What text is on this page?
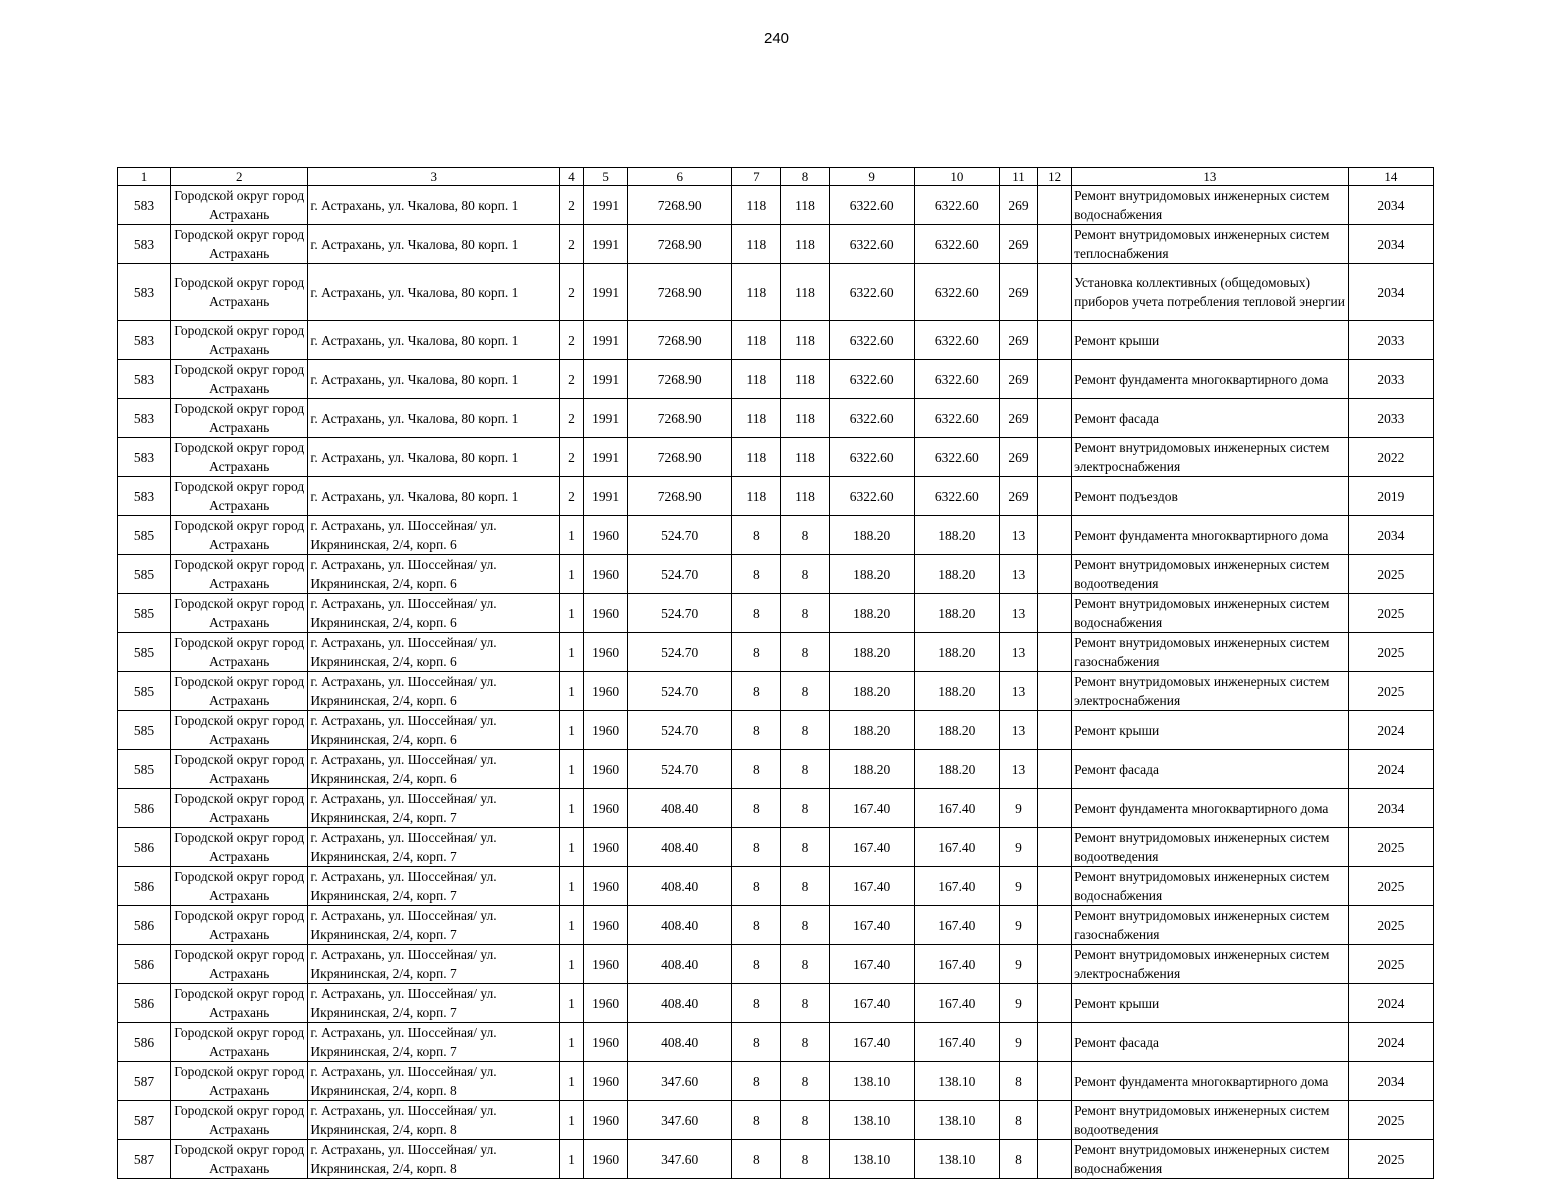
240
1	2	3	4	5	6	7	8	9	10	11	12	13	14
583	Городской округ город Астрахань	г. Астрахань, ул. Чкалова, 80 корп. 1	2	1991	7268.90	118	118	6322.60	6322.60	269		Ремонт внутридомовых инженерных систем водоснабжения	2034
583	Городской округ город Астрахань	г. Астрахань, ул. Чкалова, 80 корп. 1	2	1991	7268.90	118	118	6322.60	6322.60	269		Ремонт внутридомовых инженерных систем теплоснабжения	2034
583	Городской округ город Астрахань	г. Астрахань, ул. Чкалова, 80 корп. 1	2	1991	7268.90	118	118	6322.60	6322.60	269		Установка коллективных (общедомовых) приборов учета потребления тепловой энергии	2034
583	Городской округ город Астрахань	г. Астрахань, ул. Чкалова, 80 корп. 1	2	1991	7268.90	118	118	6322.60	6322.60	269		Ремонт крыши	2033
583	Городской округ город Астрахань	г. Астрахань, ул. Чкалова, 80 корп. 1	2	1991	7268.90	118	118	6322.60	6322.60	269		Ремонт фундамента многоквартирного дома	2033
583	Городской округ город Астрахань	г. Астрахань, ул. Чкалова, 80 корп. 1	2	1991	7268.90	118	118	6322.60	6322.60	269		Ремонт фасада	2033
583	Городской округ город Астрахань	г. Астрахань, ул. Чкалова, 80 корп. 1	2	1991	7268.90	118	118	6322.60	6322.60	269		Ремонт внутридомовых инженерных систем электроснабжения	2022
583	Городской округ город Астрахань	г. Астрахань, ул. Чкалова, 80 корп. 1	2	1991	7268.90	118	118	6322.60	6322.60	269		Ремонт подъездов	2019
585	Городской округ город Астрахань	г. Астрахань, ул. Шоссейная/ ул. Икрянинская, 2/4, корп. 6	1	1960	524.70	8	8	188.20	188.20	13		Ремонт фундамента многоквартирного дома	2034
585	Городской округ город Астрахань	г. Астрахань, ул. Шоссейная/ ул. Икрянинская, 2/4, корп. 6	1	1960	524.70	8	8	188.20	188.20	13		Ремонт внутридомовых инженерных систем водоотведения	2025
585	Городской округ город Астрахань	г. Астрахань, ул. Шоссейная/ ул. Икрянинская, 2/4, корп. 6	1	1960	524.70	8	8	188.20	188.20	13		Ремонт внутридомовых инженерных систем водоснабжения	2025
585	Городской округ город Астрахань	г. Астрахань, ул. Шоссейная/ ул. Икрянинская, 2/4, корп. 6	1	1960	524.70	8	8	188.20	188.20	13		Ремонт внутридомовых инженерных систем газоснабжения	2025
585	Городской округ город Астрахань	г. Астрахань, ул. Шоссейная/ ул. Икрянинская, 2/4, корп. 6	1	1960	524.70	8	8	188.20	188.20	13		Ремонт внутридомовых инженерных систем электроснабжения	2025
585	Городской округ город Астрахань	г. Астрахань, ул. Шоссейная/ ул. Икрянинская, 2/4, корп. 6	1	1960	524.70	8	8	188.20	188.20	13		Ремонт крыши	2024
585	Городской округ город Астрахань	г. Астрахань, ул. Шоссейная/ ул. Икрянинская, 2/4, корп. 6	1	1960	524.70	8	8	188.20	188.20	13		Ремонт фасада	2024
586	Городской округ город Астрахань	г. Астрахань, ул. Шоссейная/ ул. Икрянинская, 2/4, корп. 7	1	1960	408.40	8	8	167.40	167.40	9		Ремонт фундамента многоквартирного дома	2034
586	Городской округ город Астрахань	г. Астрахань, ул. Шоссейная/ ул. Икрянинская, 2/4, корп. 7	1	1960	408.40	8	8	167.40	167.40	9		Ремонт внутридомовых инженерных систем водоотведения	2025
586	Городской округ город Астрахань	г. Астрахань, ул. Шоссейная/ ул. Икрянинская, 2/4, корп. 7	1	1960	408.40	8	8	167.40	167.40	9		Ремонт внутридомовых инженерных систем водоснабжения	2025
586	Городской округ город Астрахань	г. Астрахань, ул. Шоссейная/ ул. Икрянинская, 2/4, корп. 7	1	1960	408.40	8	8	167.40	167.40	9		Ремонт внутридомовых инженерных систем газоснабжения	2025
586	Городской округ город Астрахань	г. Астрахань, ул. Шоссейная/ ул. Икрянинская, 2/4, корп. 7	1	1960	408.40	8	8	167.40	167.40	9		Ремонт внутридомовых инженерных систем электроснабжения	2025
586	Городской округ город Астрахань	г. Астрахань, ул. Шоссейная/ ул. Икрянинская, 2/4, корп. 7	1	1960	408.40	8	8	167.40	167.40	9		Ремонт крыши	2024
586	Городской округ город Астрахань	г. Астрахань, ул. Шоссейная/ ул. Икрянинская, 2/4, корп. 7	1	1960	408.40	8	8	167.40	167.40	9		Ремонт фасада	2024
587	Городской округ город Астрахань	г. Астрахань, ул. Шоссейная/ ул. Икрянинская, 2/4, корп. 8	1	1960	347.60	8	8	138.10	138.10	8		Ремонт фундамента многоквартирного дома	2034
587	Городской округ город Астрахань	г. Астрахань, ул. Шоссейная/ ул. Икрянинская, 2/4, корп. 8	1	1960	347.60	8	8	138.10	138.10	8		Ремонт внутридомовых инженерных систем водоотведения	2025
587	Городской округ город Астрахань	г. Астрахань, ул. Шоссейная/ ул. Икрянинская, 2/4, корп. 8	1	1960	347.60	8	8	138.10	138.10	8		Ремонт внутридомовых инженерных систем водоснабжения	2025
